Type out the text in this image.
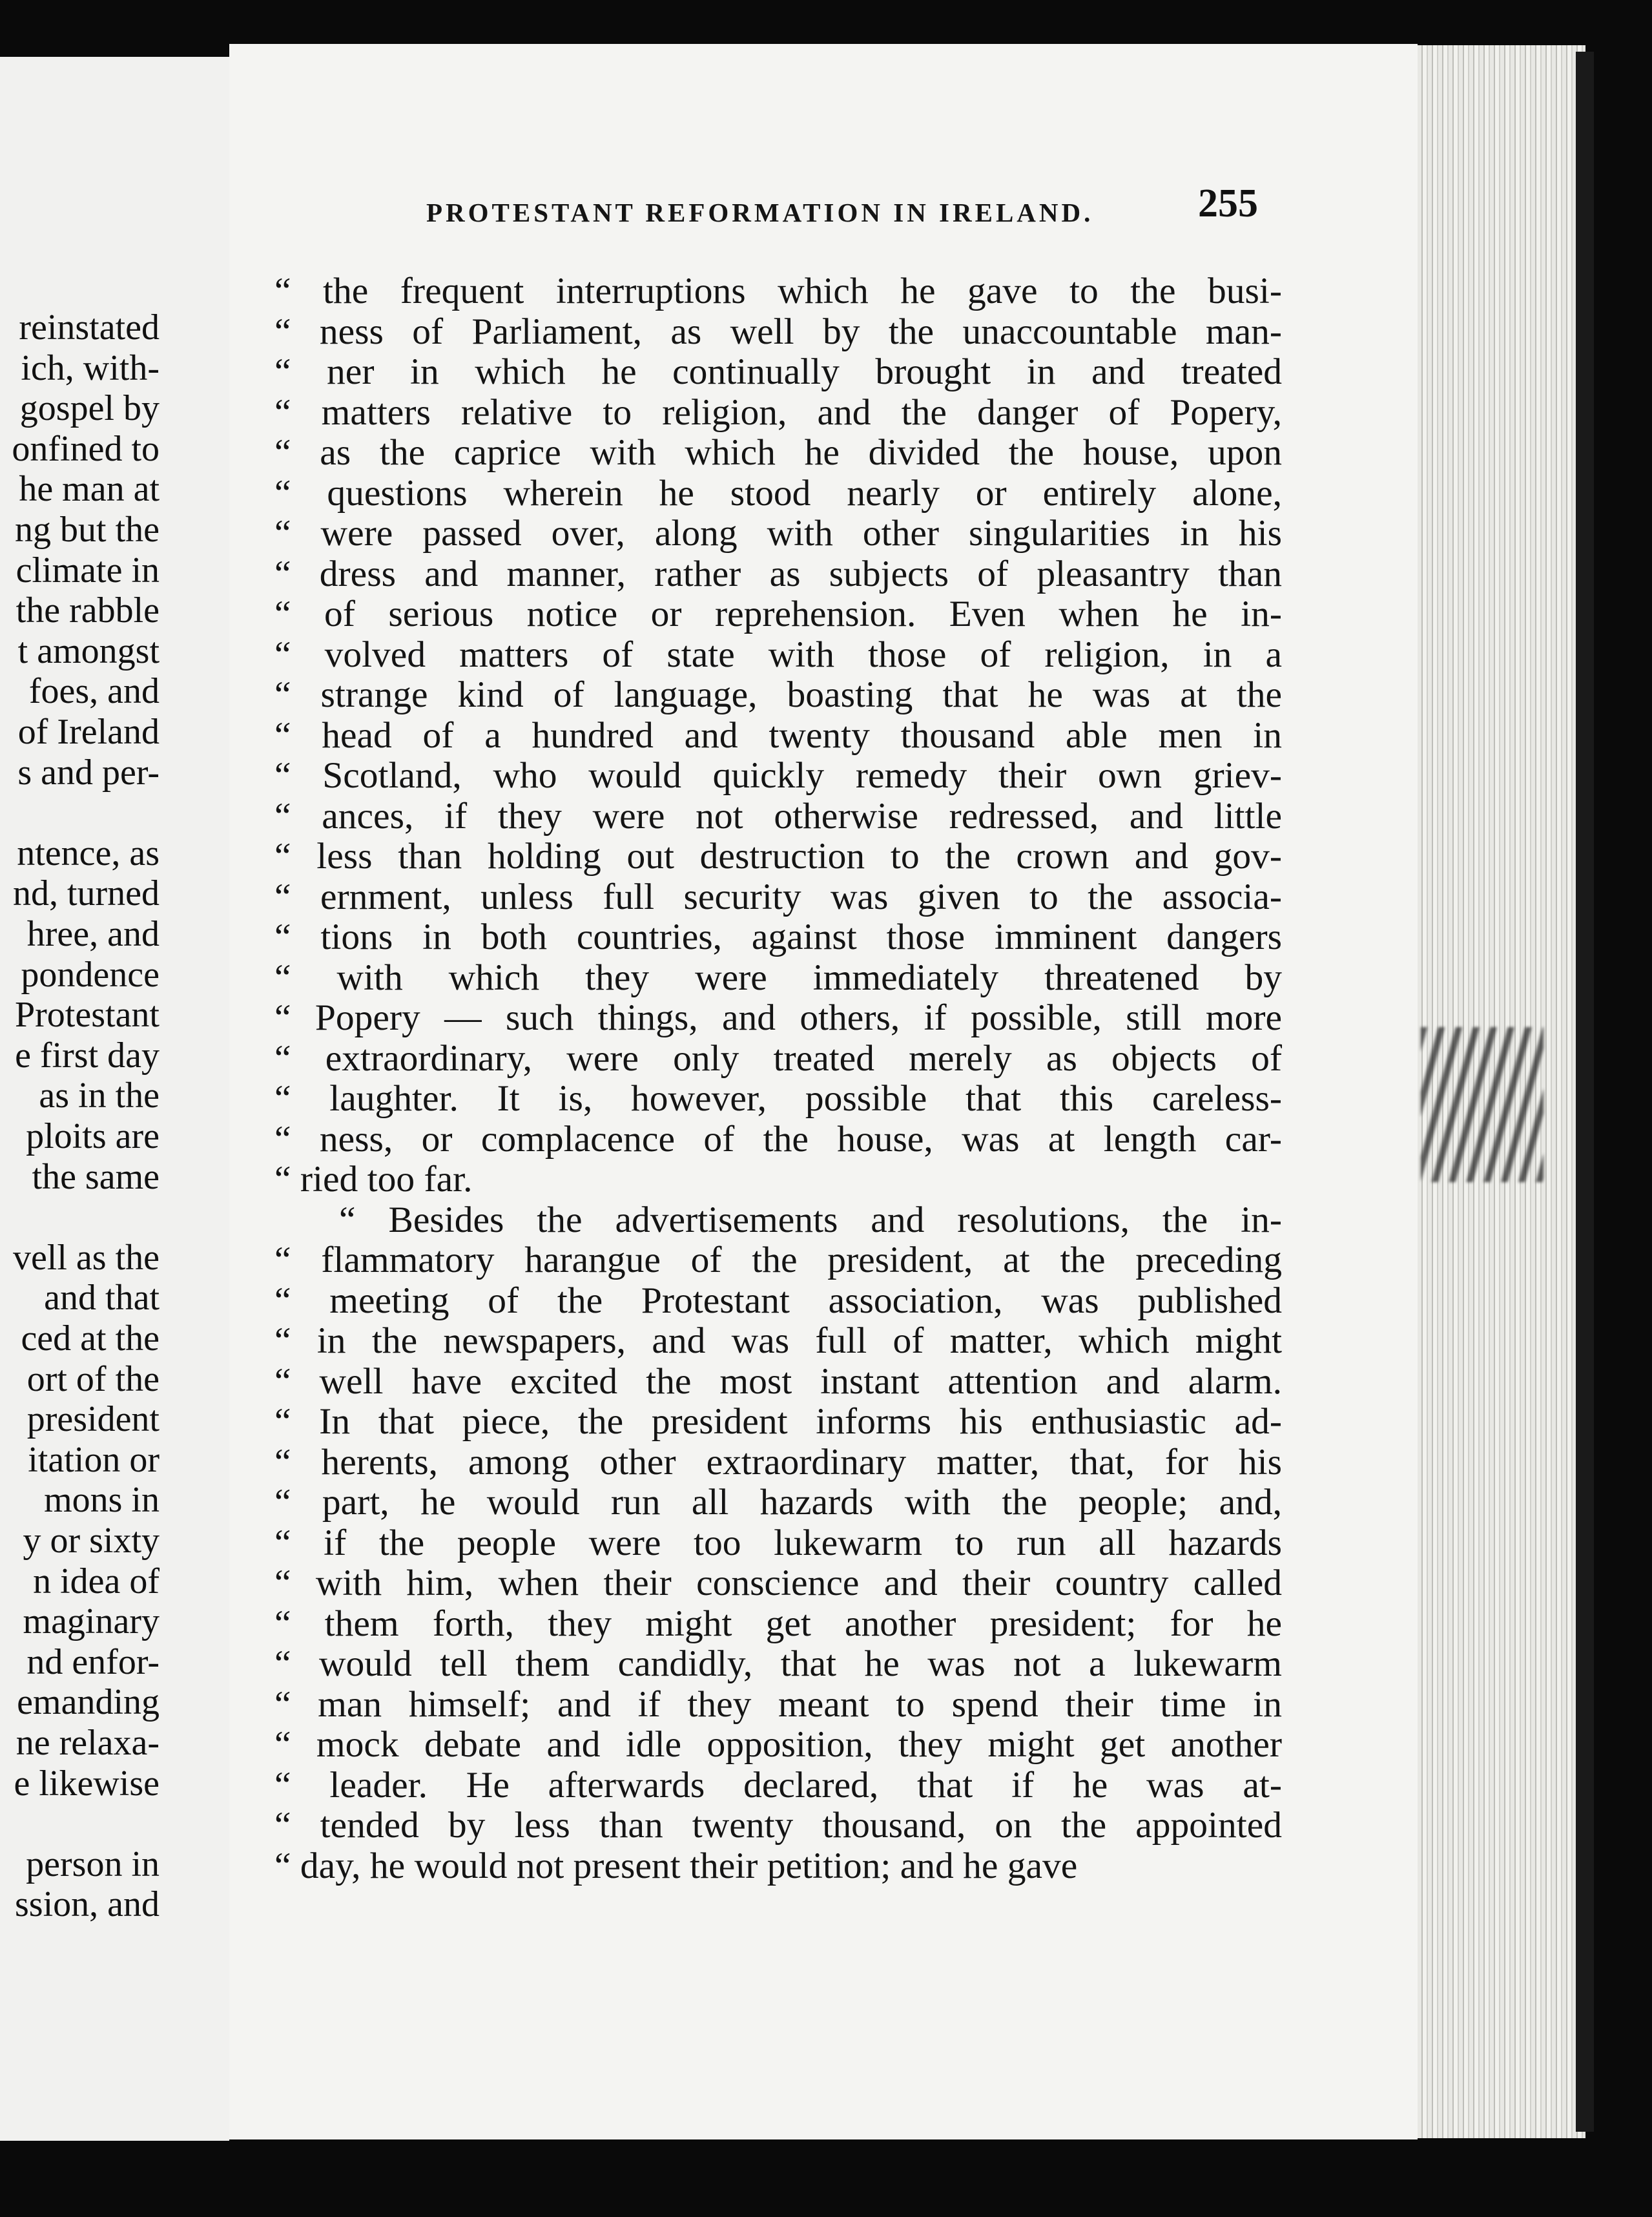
reinstated
ich, with-
gospel by
onfined to
he man at
ng but the
climate in
the rabble
t amongst
foes, and
of Ireland
s and per-
ntence, as
nd, turned
hree, and
pondence
Protestant
e first day
as in the
ploits are
the same
vell as the
and that
ced at the
ort of the
president
itation or
mons in
y or sixty
n idea of
maginary
nd enfor-
emanding
ne relaxa-
e likewise
person in
ssion, and
PROTESTANT REFORMATION IN IRELAND.	255
“ the frequent interruptions which he gave to the busi-
“ ness of Parliament, as well by the unaccountable man-
“ ner in which he continually brought in and treated
“ matters relative to religion, and the danger of Popery,
“ as the caprice with which he divided the house, upon
“ questions wherein he stood nearly or entirely alone,
“ were passed over, along with other singularities in his
“ dress and manner, rather as subjects of pleasantry than
“ of serious notice or reprehension. Even when he in-
“ volved matters of state with those of religion, in a
“ strange kind of language, boasting that he was at the
“ head of a hundred and twenty thousand able men in
“ Scotland, who would quickly remedy their own griev-
“ ances, if they were not otherwise redressed, and little
“ less than holding out destruction to the crown and gov-
“ ernment, unless full security was given to the associa-
“ tions in both countries, against those imminent dangers
“ with which they were immediately threatened by
“ Popery — such things, and others, if possible, still more
“ extraordinary, were only treated merely as objects of
“ laughter. It is, however, possible that this careless-
“ ness, or complacence of the house, was at length car-
“ ried too far.
“ Besides the advertisements and resolutions, the in-
“ flammatory harangue of the president, at the preceding
“ meeting of the Protestant association, was published
“ in the newspapers, and was full of matter, which might
“ well have excited the most instant attention and alarm.
“ In that piece, the president informs his enthusiastic ad-
“ herents, among other extraordinary matter, that, for his
“ part, he would run all hazards with the people; and,
“ if the people were too lukewarm to run all hazards
“ with him, when their conscience and their country called
“ them forth, they might get another president; for he
“ would tell them candidly, that he was not a lukewarm
“ man himself; and if they meant to spend their time in
“ mock debate and idle opposition, they might get another
“ leader. He afterwards declared, that if he was at-
“ tended by less than twenty thousand, on the appointed
“ day, he would not present their petition; and he gave
